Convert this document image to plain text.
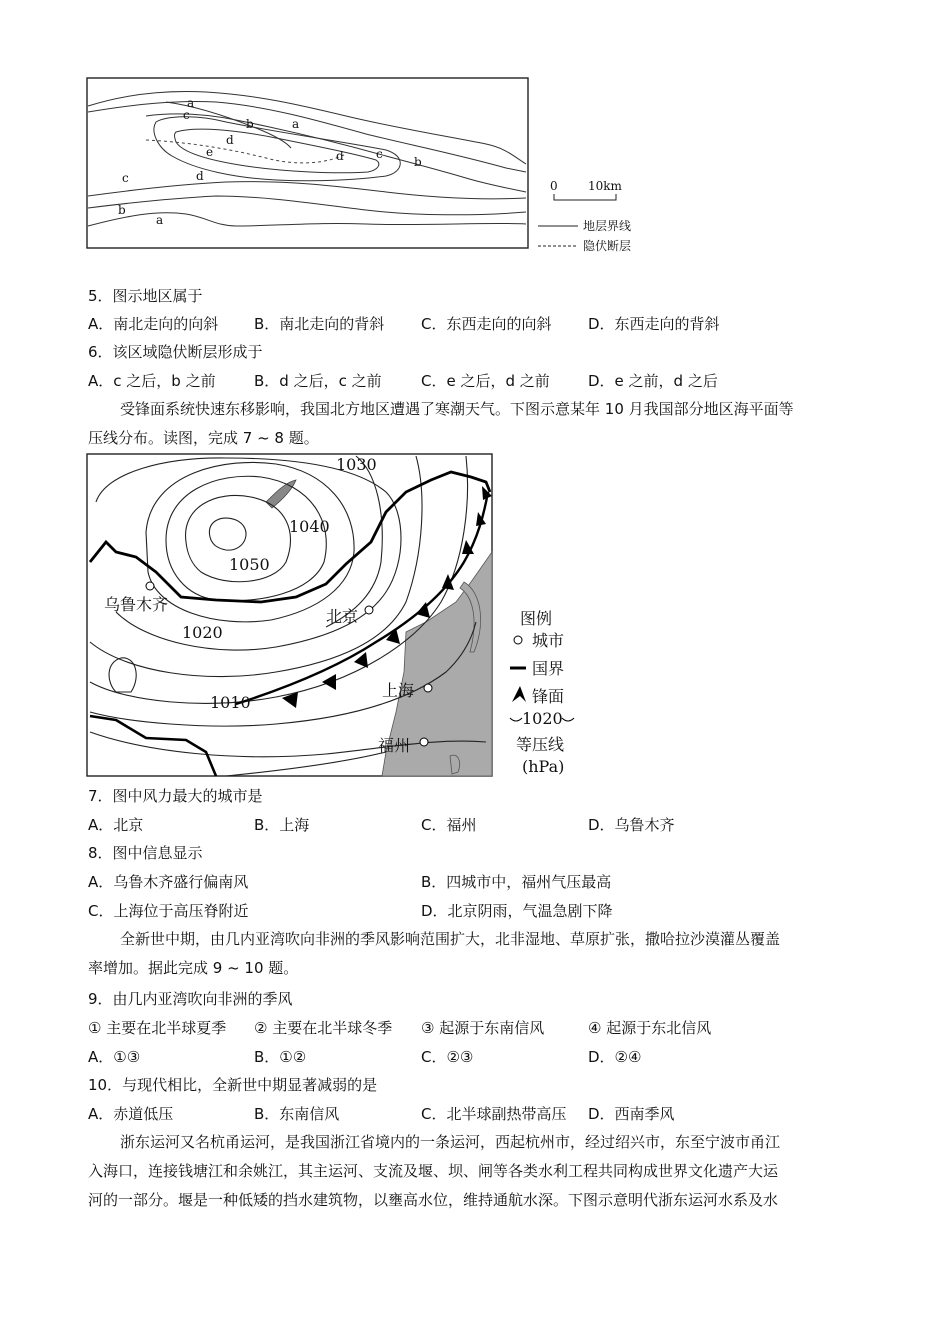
a
c
b	a
d
e	d	c
b
c	d
b
a
0	10km
地层界线
隐伏断层
5．图示地区属于
A．南北走向的向斜 B．南北走向的背斜 C．东西走向的向斜 D．东西走向的背斜
6．该区域隐伏断层形成于
A．c 之后，b 之前	B．d 之后，c 之前	C．e 之后，d 之前	D．e 之前，d 之后
受锋面系统快速东移影响，我国北方地区遭遇了寒潮天气。下图示意某年 10 月我国部分地区海平面等
压线分布。读图，完成 7 ~ 8 题。
1030
1040
1050
1020
1010
乌鲁木齐
北京
上海
福州
图例
城市
国界
锋面
1020
等压线
(hPa)
7．图中风力最大的城市是
A．北京	B．上海	C．福州	D．乌鲁木齐
8．图中信息显示
A．乌鲁木齐盛行偏南风	B．四城市中，福州气压最高
C．上海位于高压脊附近	D．北京阴雨，气温急剧下降
全新世中期，由几内亚湾吹向非洲的季风影响范围扩大，北非湿地、草原扩张，撒哈拉沙漠灌丛覆盖
率增加。据此完成 9 ~ 10 题。
9．由几内亚湾吹向非洲的季风
① 主要在北半球夏季 ② 主要在北半球冬季 ③ 起源于东南信风	④ 起源于东北信风
A．①③	B．①②	C．②③	D．②④
10．与现代相比，全新世中期显著减弱的是
A．赤道低压	B．东南信风	C．北半球副热带高压 D．西南季风
浙东运河又名杭甬运河，是我国浙江省境内的一条运河，西起杭州市，经过绍兴市，东至宁波市甬江
入海口，连接钱塘江和余姚江，其主运河、支流及堰、坝、闸等各类水利工程共同构成世界文化遗产大运
河的一部分。堰是一种低矮的挡水建筑物，以壅高水位，维持通航水深。下图示意明代浙东运河水系及水
